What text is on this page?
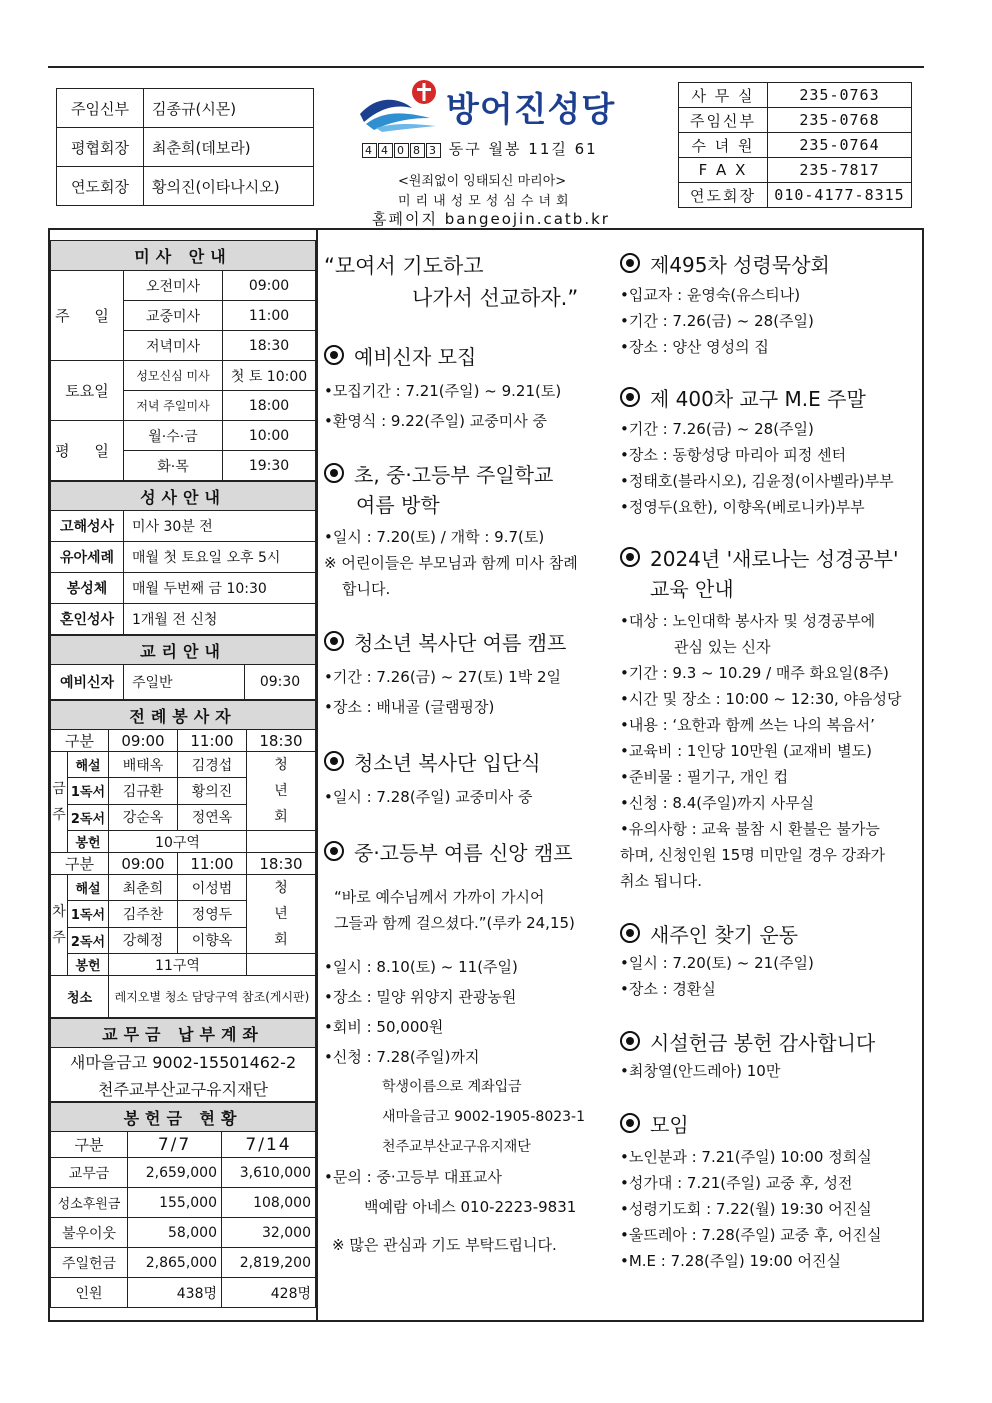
주임신부	김종규(시몬)
평협회장	최춘희(데보라)
연도회장	황의진(이타나시오)
방어진성당
4 4 0 8 3 동구 월봉 11길 61
<원죄없이 잉태되신 마리아>
미리내성모성심수녀회
홈페이지 bangeojin.catb.kr
사 무 실	235-0763
주임신부	235-0768
수 녀 원	235-0764
F A X	235-7817
연도회장	010-4177-8315
미사 안내		
주 일	오전미사	09:00
	교중미사	11:00
	저녁미사	18:30
토요일	성모신심 미사	첫 토 10:00
	저녁 주일미사	18:00
평 일	월·수·금	10:00
	화·목	19:30
성사안내	
고해성사	미사 30분 전
유아세례	매월 첫 토요일 오후 5시
봉성체	매월 두번째 금 10:30
혼인성사	1개월 전 신청
교리안내
예비신자	주일반	09:30
전례봉사자				
구분		09:00	11:00	18:30
금
주	해설	배태옥	김경섭	청
년
회
	1독서	김규환	황의진	
	2독서	강순옥	정연옥	
	봉헌	10구역		
구분		09:00	11:00	18:30
차
주	해설	최춘희	이성범	청
년
회
	1독서	김주찬	정영두	
	2독서	강혜정	이향옥	
	봉헌	11구역		
청소		레지오별 청소 담당구역 참조(게시판)		
교무금 납부계좌
새마을금고 9002-15501462-2
천주교부산교구유지재단
봉헌금 현황		
구분	7/7	7/14
교무금	2,659,000	3,610,000
성소후원금	155,000	108,000
불우이웃	58,000	32,000
주일헌금	2,865,000	2,819,200
인원	438명	428명
“모여서 기도하고
나가서 선교하자.”
예비신자 모집
•모집기간 : 7.21(주일) ~ 9.21(토)
•환영식 : 9.22(주일) 교중미사 중
초, 중·고등부 주일학교
여름 방학
•일시 : 7.20(토) / 개학 : 9.7(토)
※ 어린이들은 부모님과 함께 미사 참례
합니다.
청소년 복사단 여름 캠프
•기간 : 7.26(금) ~ 27(토) 1박 2일
•장소 : 배내골 (글램핑장)
청소년 복사단 입단식
•일시 : 7.28(주일) 교중미사 중
중·고등부 여름 신앙 캠프
“바로 예수님께서 가까이 가시어
그들과 함께 걸으셨다.”(루카 24,15)
•일시 : 8.10(토) ~ 11(주일)
•장소 : 밀양 위양지 관광농원
•회비 : 50,000원
•신청 : 7.28(주일)까지
학생이름으로 계좌입금
새마을금고 9002-1905-8023-1
천주교부산교구유지재단
•문의 : 중·고등부 대표교사
백예람 아네스 010-2223-9831
※ 많은 관심과 기도 부탁드립니다.
제495차 성령묵상회
•입교자 : 윤영숙(유스티나)
•기간 : 7.26(금) ~ 28(주일)
•장소 : 양산 영성의 집
제 400차 교구 M.E 주말
•기간 : 7.26(금) ~ 28(주일)
•장소 : 동항성당 마리아 피정 센터
•정태호(블라시오), 김윤정(이사벨라)부부
•정영두(요한), 이향옥(베로니카)부부
2024년 '새로나는 성경공부'
교육 안내
•대상 : 노인대학 봉사자 및 성경공부에
관심 있는 신자
•기간 : 9.3 ~ 10.29 / 매주 화요일(8주)
•시간 및 장소 : 10:00 ~ 12:30, 야음성당
•내용 : ‘요한과 함께 쓰는 나의 복음서’
•교육비 : 1인당 10만원 (교재비 별도)
•준비물 : 필기구, 개인 컵
•신청 : 8.4(주일)까지 사무실
•유의사항 : 교육 불참 시 환불은 불가능
하며, 신청인원 15명 미만일 경우 강좌가
취소 됩니다.
새주인 찾기 운동
•일시 : 7.20(토) ~ 21(주일)
•장소 : 경환실
시설헌금 봉헌 감사합니다
•최창열(안드레아) 10만
모임
•노인분과 : 7.21(주일) 10:00 정희실
•성가대 : 7.21(주일) 교중 후, 성전
•성령기도회 : 7.22(월) 19:30 어진실
•울뜨레아 : 7.28(주일) 교중 후, 어진실
•M.E : 7.28(주일) 19:00 어진실
